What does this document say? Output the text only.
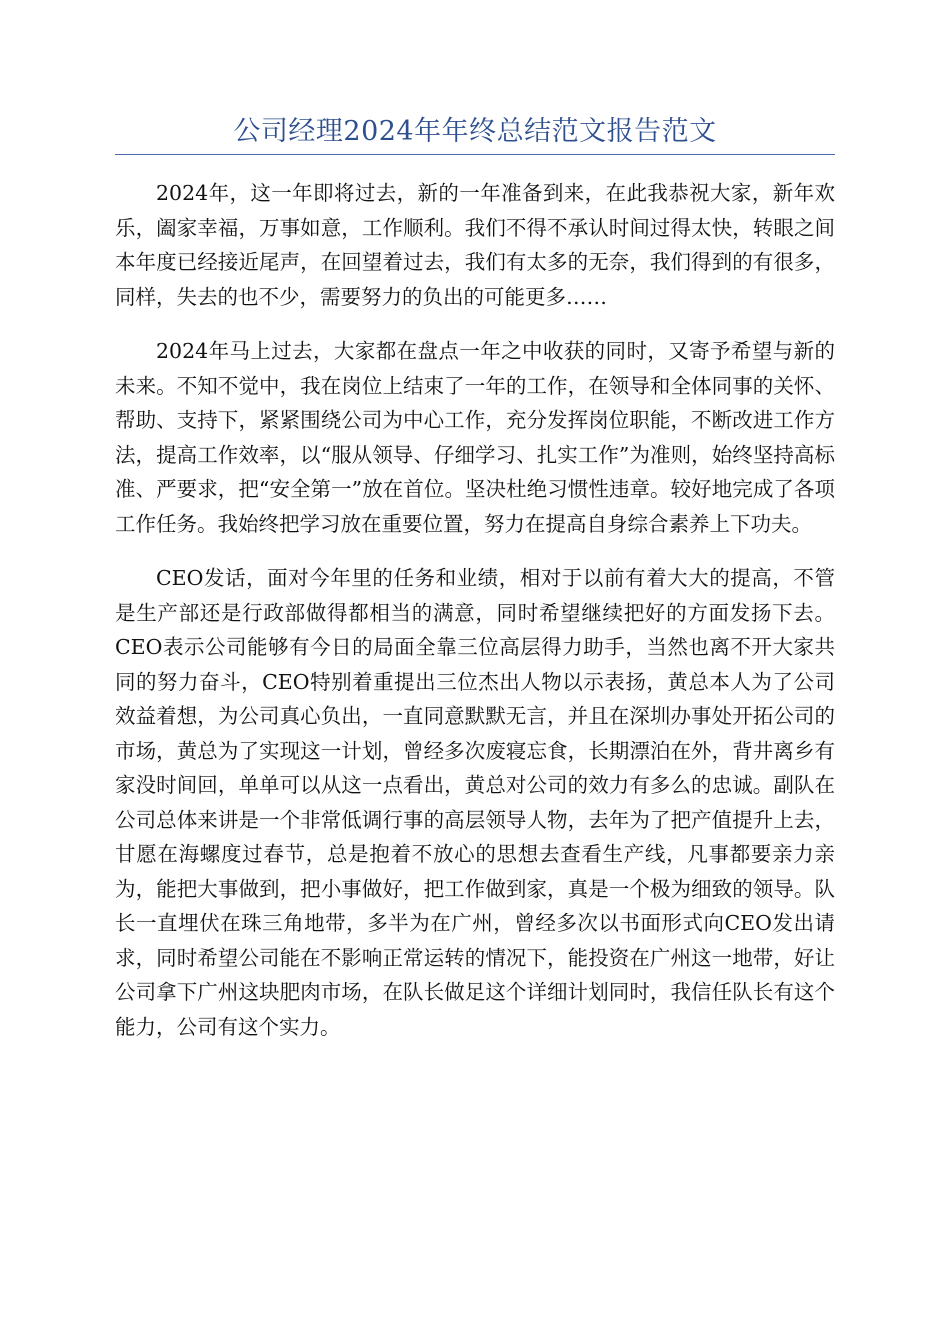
公司经理2024年年终总结范文报告范文

2024年，这一年即将过去，新的一年准备到来，在此我恭祝大家，新年欢乐，阖家幸福，万事如意，工作顺利。我们不得不承认时间过得太快，转眼之间本年度已经接近尾声，在回望着过去，我们有太多的无奈，我们得到的有很多，同样，失去的也不少，需要努力的负出的可能更多……

2024年马上过去，大家都在盘点一年之中收获的同时，又寄予希望与新的未来。不知不觉中，我在岗位上结束了一年的工作，在领导和全体同事的关怀、帮助、支持下，紧紧围绕公司为中心工作，充分发挥岗位职能，不断改进工作方法，提高工作效率，以“服从领导、仔细学习、扎实工作”为准则，始终坚持高标准、严要求，把“安全第一”放在首位。坚决杜绝习惯性违章。较好地完成了各项工作任务。我始终把学习放在重要位置，努力在提高自身综合素养上下功夫。

CEO发话，面对今年里的任务和业绩，相对于以前有着大大的提高，不管是生产部还是行政部做得都相当的满意，同时希望继续把好的方面发扬下去。CEO表示公司能够有今日的局面全靠三位高层得力助手，当然也离不开大家共同的努力奋斗，CEO特别着重提出三位杰出人物以示表扬，黄总本人为了公司效益着想，为公司真心负出，一直同意默默无言，并且在深圳办事处开拓公司的市场，黄总为了实现这一计划，曾经多次废寝忘食，长期漂泊在外，背井离乡有家没时间回，单单可以从这一点看出，黄总对公司的效力有多么的忠诚。副队在公司总体来讲是一个非常低调行事的高层领导人物，去年为了把产值提升上去，甘愿在海螺度过春节，总是抱着不放心的思想去查看生产线，凡事都要亲力亲为，能把大事做到，把小事做好，把工作做到家，真是一个极为细致的领导。队长一直埋伏在珠三角地带，多半为在广州，曾经多次以书面形式向CEO发出请求，同时希望公司能在不影响正常运转的情况下，能投资在广州这一地带，好让公司拿下广州这块肥肉市场，在队长做足这个详细计划同时，我信任队长有这个能力，公司有这个实力。
